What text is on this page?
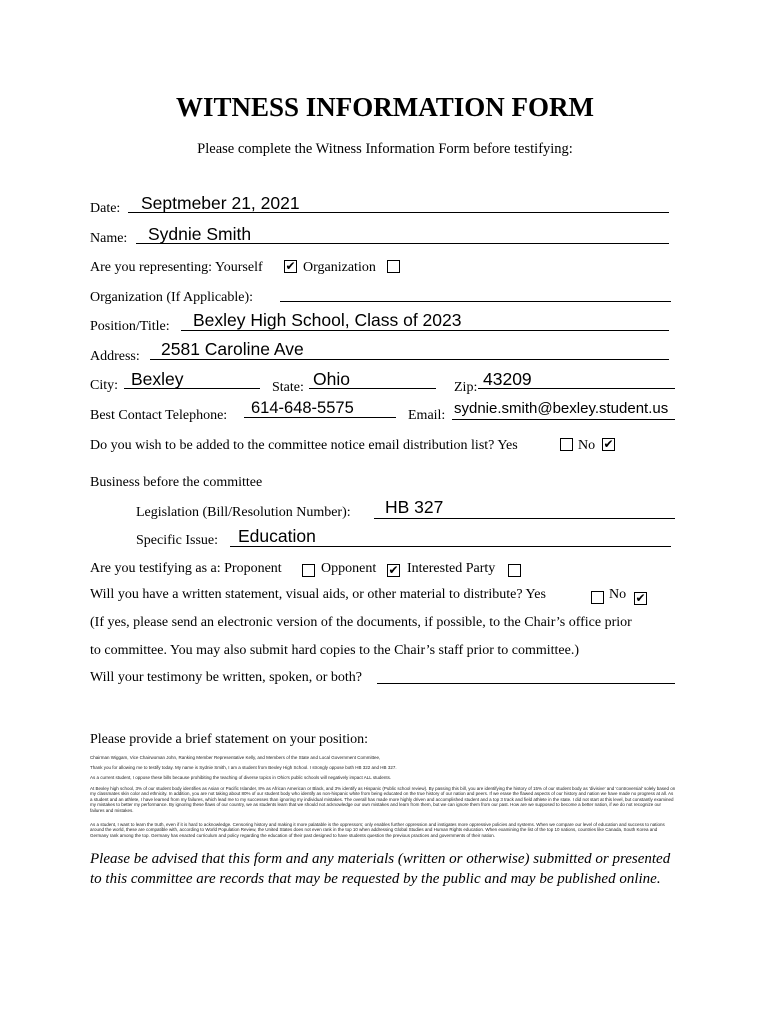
WITNESS INFORMATION FORM
Please complete the Witness Information Form before testifying:
Date: Septmeber 21, 2021
Name: Sydnie Smith
Are you representing: Yourself ✔ Organization
Organization (If Applicable):
Position/Title: Bexley High School, Class of 2023
Address: 2581 Caroline Ave
City: Bexley	State: Ohio	Zip: 43209
Best Contact Telephone: 614-648-5575	Email: sydnie.smith@bexley.student.us
Do you wish to be added to the committee notice email distribution list? Yes	No ✔
Business before the committee
Legislation (Bill/Resolution Number): HB 327
Specific Issue: Education
Are you testifying as a: Proponent	Opponent ✔ Interested Party
Will you have a written statement, visual aids, or other material to distribute? Yes	No ✔
(If yes, please send an electronic version of the documents, if possible, to the Chair’s office prior
to committee. You may also submit hard copies to the Chair’s staff prior to committee.)
Will your testimony be written, spoken, or both?
Please provide a brief statement on your position:
Chairman Wiggam, Vice Chairwoman John, Ranking Member Representative Kelly, and Members of the State and Local Government Committee,
Thank you for allowing me to testify today. My name is Sydnie Smith, I am a student from Bexley High School. I strongly oppose both HB 322 and HB 327.
As a current student, I oppose these bills because prohibiting the teaching of diverse topics in Ohio's public schools will negatively impact ALL students.
At Bexley high school, 3% of our student body identifies as Asian or Pacific Islander, 8% as African American or Black, and 3% identify as Hispanic (Public school review). By passing this bill, you are identifying the history of 15% of our student body as 'divisive' and 'controversial' solely based on my classmates skin color and ethnicity. In addition, you are not taking about 80% of our student body who identify as non-hispanic white from being educated on the true history of our nation and peers. If we erase the flawed aspects of our history and nation we have made no progress at all. As a student and an athlete, I have learned from my failures, which lead me to my successes than ignoring my individual mistakes. The overall has made more highly driven and accomplished student and a top 3 track and field athlete in the state. I did not start at this level, but constantly examined my mistakes to better my performance. By ignoring these flaws of our country, we as students learn that we should not acknowledge our own mistakes and learn from them, but we can ignore them from our past. How are we supposed to become a better nation, if we do not recognize our failures and mistakes.
As a student, I want to learn the truth, even if it is hard to acknowledge. Censoring history and making it more palatable is the oppressors; only enables further oppression and instigates more oppressive policies and systems. When we compare our level of education and success to nations around the world, these are compatible with, according to World Population Review, the United States does not even rank in the top 10 when addressing Global Studies and Human Rights education. When examining the list of the top 10 nations, countries like Canada, South Korea and Germany rank among the top. Germany has enacted curriculum and policy regarding the education of their past designed to have students question the previous practices and governments of their nation.
Please be advised that this form and any materials (written or otherwise) submitted or presented
to this committee are records that may be requested by the public and may be published online.
